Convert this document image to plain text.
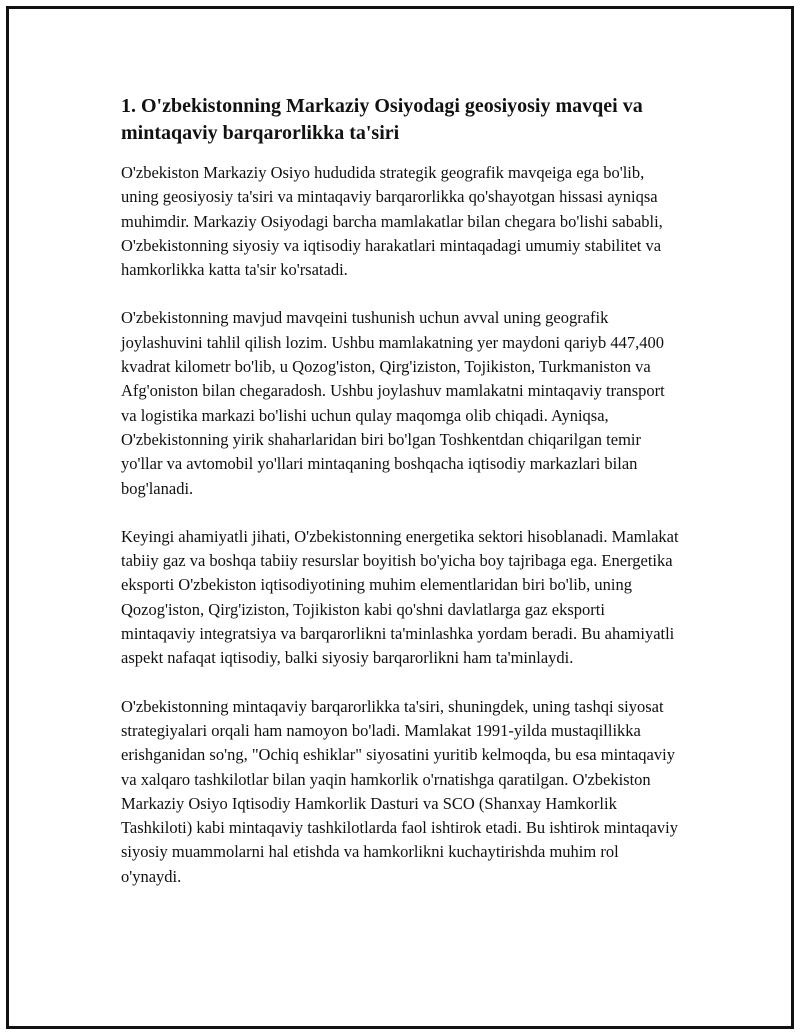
1. O'zbekistonning Markaziy Osiyodagi geosiyosiy mavqei va mintaqaviy barqarorlikka ta'siri

O'zbekiston Markaziy Osiyo hududida strategik geografik mavqeiga ega bo'lib, uning geosiyosiy ta'siri va mintaqaviy barqarorlikka qo'shayotgan hissasi ayniqsa muhimdir. Markaziy Osiyodagi barcha mamlakatlar bilan chegara bo'lishi sababli, O'zbekistonning siyosiy va iqtisodiy harakatlari mintaqadagi umumiy stabilitet va hamkorlikka katta ta'sir ko'rsatadi.

O'zbekistonning mavjud mavqeini tushunish uchun avval uning geografik joylashuvini tahlil qilish lozim. Ushbu mamlakatning yer maydoni qariyb 447,400 kvadrat kilometr bo'lib, u Qozog'iston, Qirg'iziston, Tojikiston, Turkmaniston va Afg'oniston bilan chegaradosh. Ushbu joylashuv mamlakatni mintaqaviy transport va logistika markazi bo'lishi uchun qulay maqomga olib chiqadi. Ayniqsa, O'zbekistonning yirik shaharlaridan biri bo'lgan Toshkentdan chiqarilgan temir yo'llar va avtomobil yo'llari mintaqaning boshqacha iqtisodiy markazlari bilan bog'lanadi.

Keyingi ahamiyatli jihati, O'zbekistonning energetika sektori hisoblanadi. Mamlakat tabiiy gaz va boshqa tabiiy resurslar boyitish bo'yicha boy tajribaga ega. Energetika eksporti O'zbekiston iqtisodiyotining muhim elementlaridan biri bo'lib, uning Qozog'iston, Qirg'iziston, Tojikiston kabi qo'shni davlatlarga gaz eksporti mintaqaviy integratsiya va barqarorlikni ta'minlashka yordam beradi. Bu ahamiyatli aspekt nafaqat iqtisodiy, balki siyosiy barqarorlikni ham ta'minlaydi.

O'zbekistonning mintaqaviy barqarorlikka ta'siri, shuningdek, uning tashqi siyosat strategiyalari orqali ham namoyon bo'ladi. Mamlakat 1991-yilda mustaqillikka erishganidan so'ng, "Ochiq eshiklar" siyosatini yuritib kelmoqda, bu esa mintaqaviy va xalqaro tashkilotlar bilan yaqin hamkorlik o'rnatishga qaratilgan. O'zbekiston Markaziy Osiyo Iqtisodiy Hamkorlik Dasturi va SCO (Shanxay Hamkorlik Tashkiloti) kabi mintaqaviy tashkilotlarda faol ishtirok etadi. Bu ishtirok mintaqaviy siyosiy muammolarni hal etishda va hamkorlikni kuchaytirishda muhim rol o'ynaydi.
